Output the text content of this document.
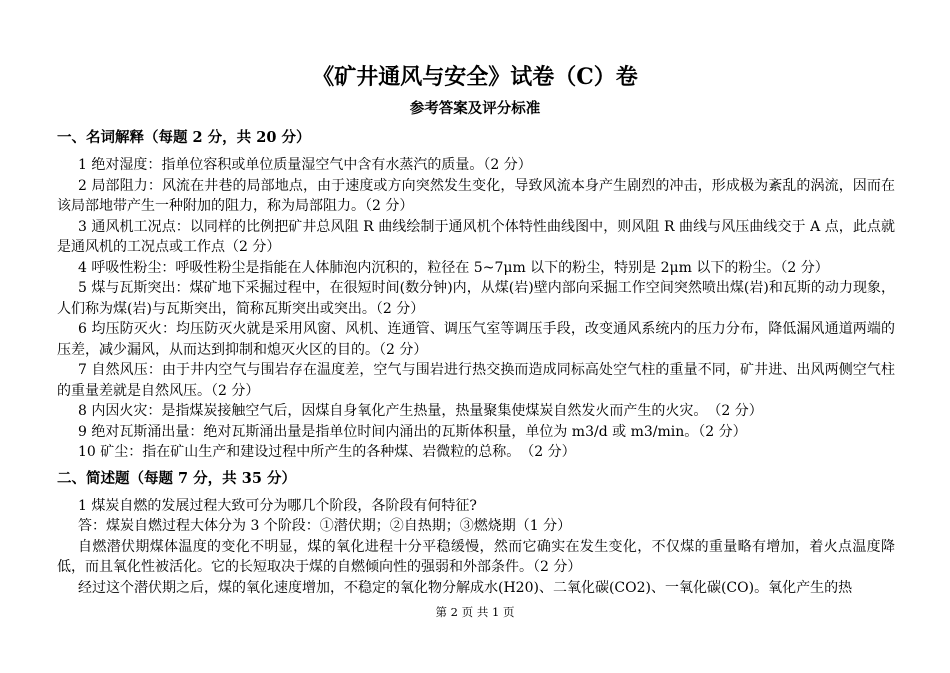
《矿井通风与安全》试卷（C）卷
参考答案及评分标准
一、名词解释（每题 2 分，共 20 分）

1 绝对湿度：指单位容积或单位质量湿空气中含有水蒸汽的质量。（2 分）

2 局部阻力：风流在井巷的局部地点，由于速度或方向突然发生变化，导致风流本身产生剧烈的冲击，形成极为紊乱的涡流，因而在该局部地带产生一种附加的阻力，称为局部阻力。（2 分）

3 通风机工况点：以同样的比例把矿井总风阻 R 曲线绘制于通风机个体特性曲线图中，则风阻 R 曲线与风压曲线交于 A 点，此点就是通风机的工况点或工作点（2 分）

4 呼吸性粉尘：呼吸性粉尘是指能在人体肺泡内沉积的，粒径在 5~7μm 以下的粉尘，特别是 2μm 以下的粉尘。（2 分）

5 煤与瓦斯突出：煤矿地下采掘过程中，在很短时间(数分钟)内，从煤(岩)壁内部向采掘工作空间突然喷出煤(岩)和瓦斯的动力现象，人们称为煤(岩)与瓦斯突出，简称瓦斯突出或突出。（2 分）

6 均压防灭火：均压防灭火就是采用风窗、风机、连通管、调压气室等调压手段，改变通风系统内的压力分布，降低漏风通道两端的压差，减少漏风，从而达到抑制和熄灭火区的目的。（2 分）

7 自然风压：由于井内空气与围岩存在温度差，空气与围岩进行热交换而造成同标高处空气柱的重量不同，矿井进、出风两侧空气柱的重量差就是自然风压。（2 分）

8 内因火灾：是指煤炭接触空气后，因煤自身氧化产生热量，热量聚集使煤炭自然发火而产生的火灾。　（2 分）

9 绝对瓦斯涌出量：绝对瓦斯涌出量是指单位时间内涌出的瓦斯体积量，单位为 m3/d 或 m3/min。（2 分）

10 矿尘：指在矿山生产和建设过程中所产生的各种煤、岩微粒的总称。　（2 分）

二、简述题（每题 7 分，共 35 分）

1 煤炭自燃的发展过程大致可分为哪几个阶段，各阶段有何特征?

答：煤炭自燃过程大体分为 3 个阶段：①潜伏期；②自热期；③燃烧期（1 分）

自燃潜伏期煤体温度的变化不明显，煤的氧化进程十分平稳缓慢，然而它确实在发生变化，不仅煤的重量略有增加，着火点温度降低，而且氧化性被活化。它的长短取决于煤的自燃倾向性的强弱和外部条件。（2 分）

经过这个潜伏期之后，煤的氧化速度增加，不稳定的氧化物分解成水(H20)、二氧化碳(CO2)、一氧化碳(CO)。氧化产生的热

第 2 页 共 1 页
